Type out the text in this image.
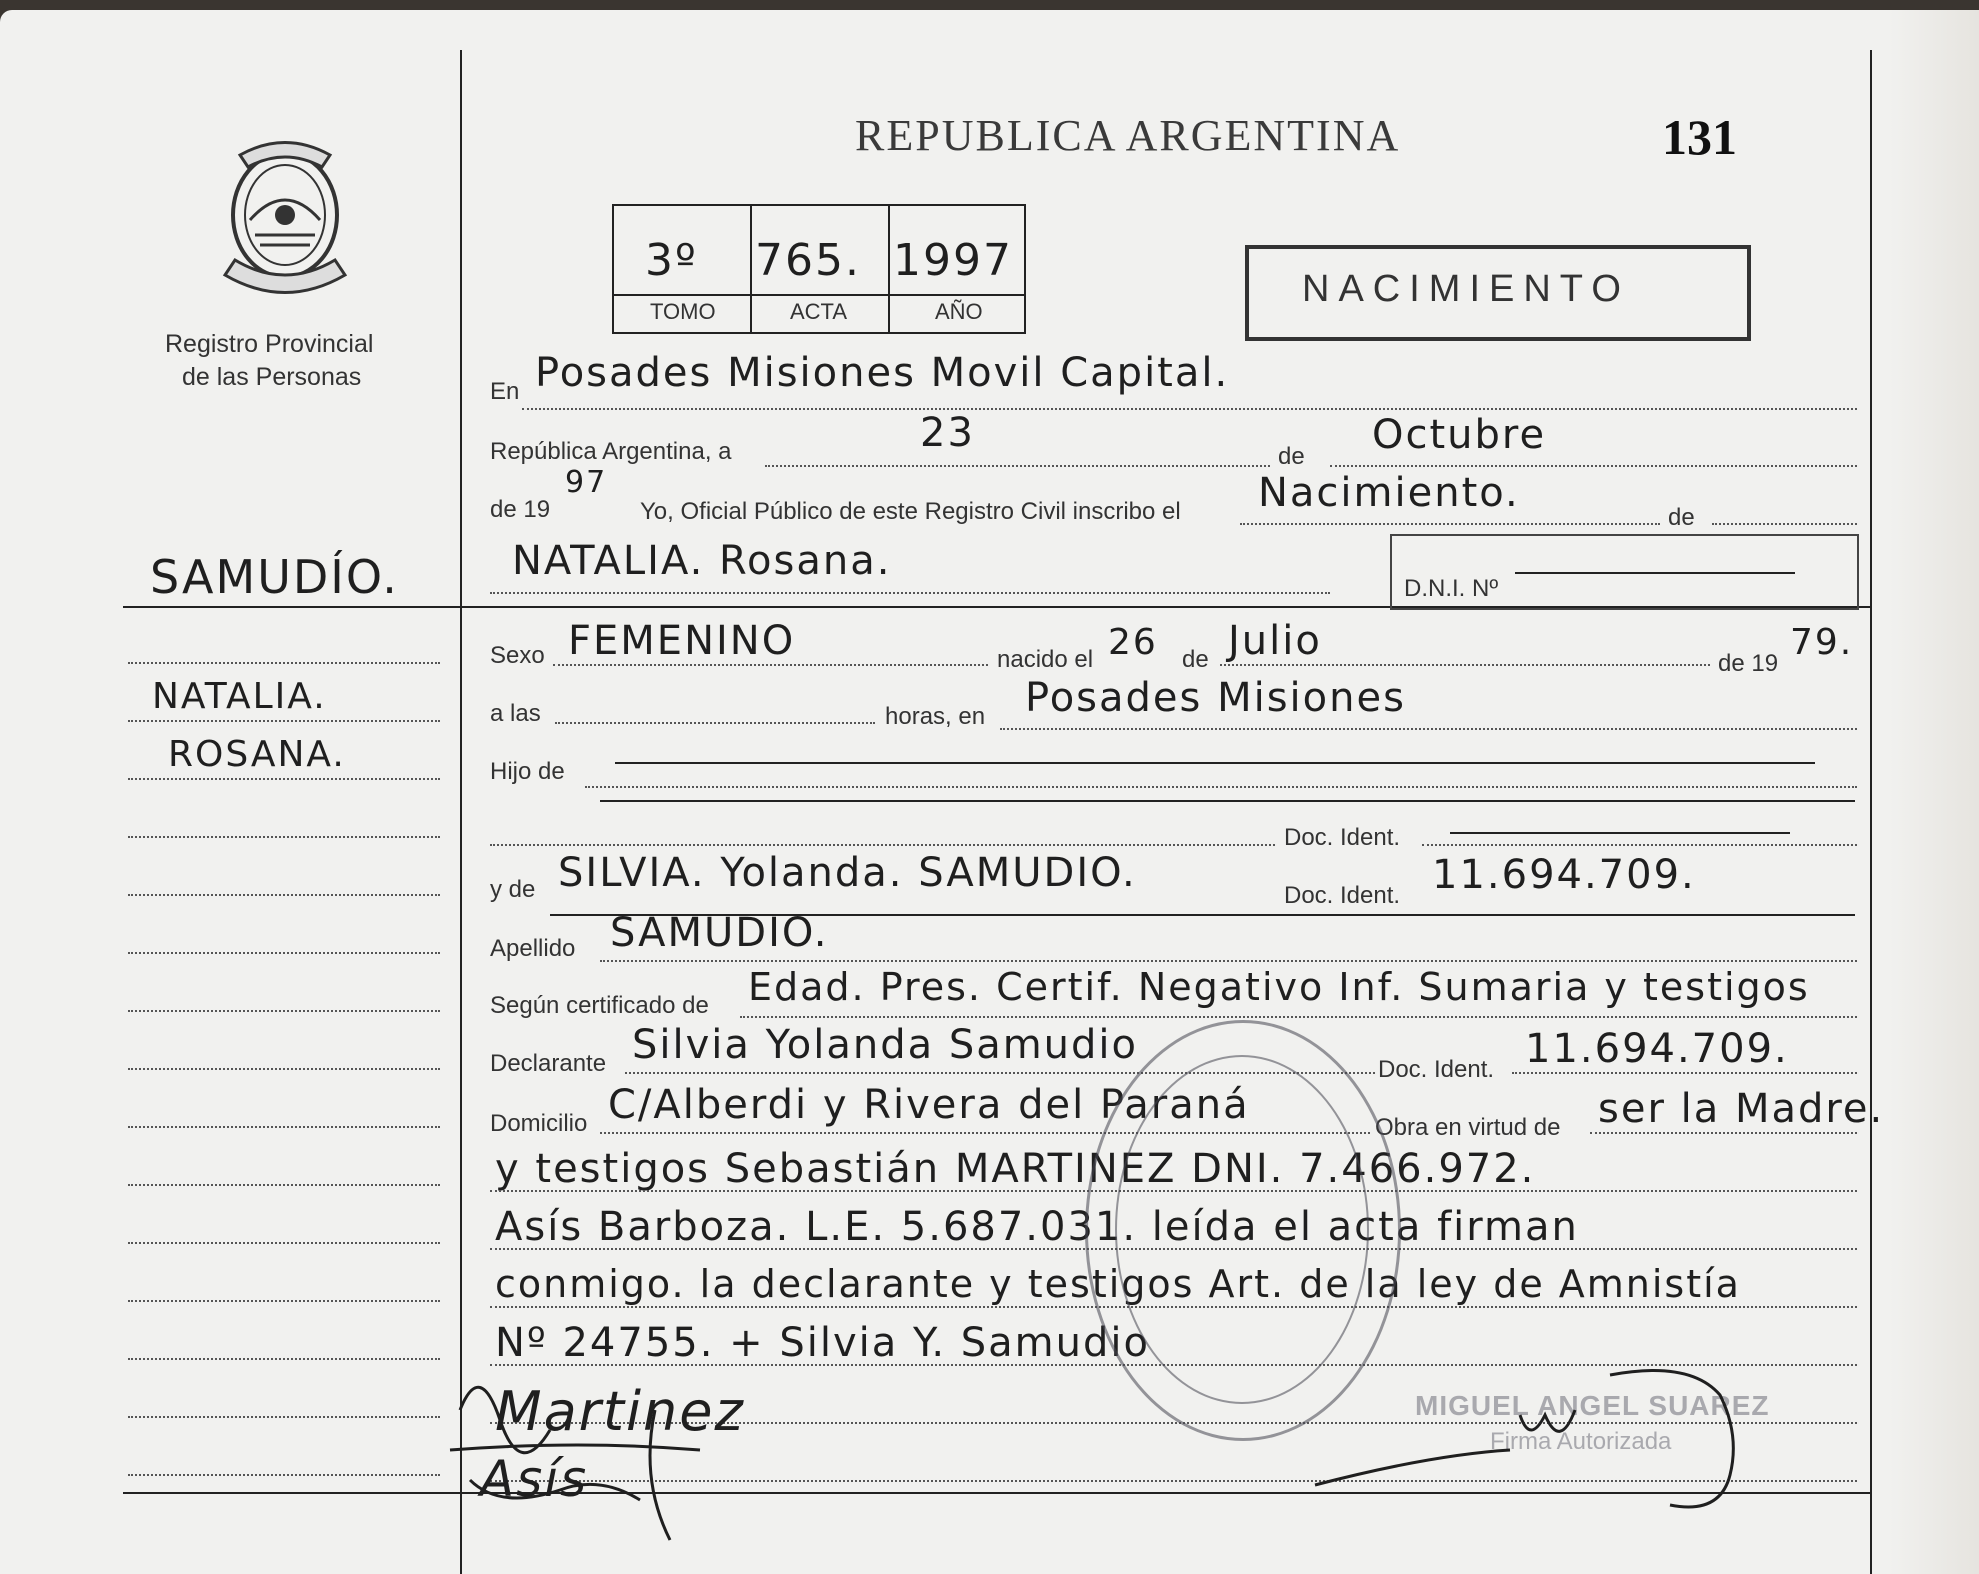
Registro Provincial
de las Personas
REPUBLICA ARGENTINA	131
NACIMIENTO
3º 765. 1997
TOMO	ACTA	AÑO
SAMUDÍO.
NATALIA.
ROSANA.
En Posades Misiones Movil Capital.
República Argentina, a	23
de Octubre
de 19
97
Yo, Oficial Público de este Registro Civil inscribo el Nacimiento.
de
NATALIA. Rosana.
D.N.I. Nº
Sexo FEMENINO	nacido el 26 de Julio	de 19
79.
a las	horas, en Posades Misiones
Hijo de
Doc. Ident.
y de SILVIA. Yolanda. SAMUDIO.	Doc. Ident. 11.694.709.
Apellido SAMUDIO.
Según certificado de Edad. Pres. Certif. Negativo Inf. Sumaria y testigos
Declarante Silvia Yolanda Samudio
Doc. Ident. 11.694.709.
Domicilio C/Alberdi y Rivera del Paraná	Obra en virtud de ser la Madre.
y testigos Sebastián MARTINEZ DNI. 7.466.972.
Asís Barboza. L.E. 5.687.031. leída el acta firman
conmigo. la declarante y testigos Art. de la ley de Amnistía
Nº 24755. + Silvia Y. Samudio
Martinez
Asís
MIGUEL ANGEL SUAREZ
Firma Autorizada
